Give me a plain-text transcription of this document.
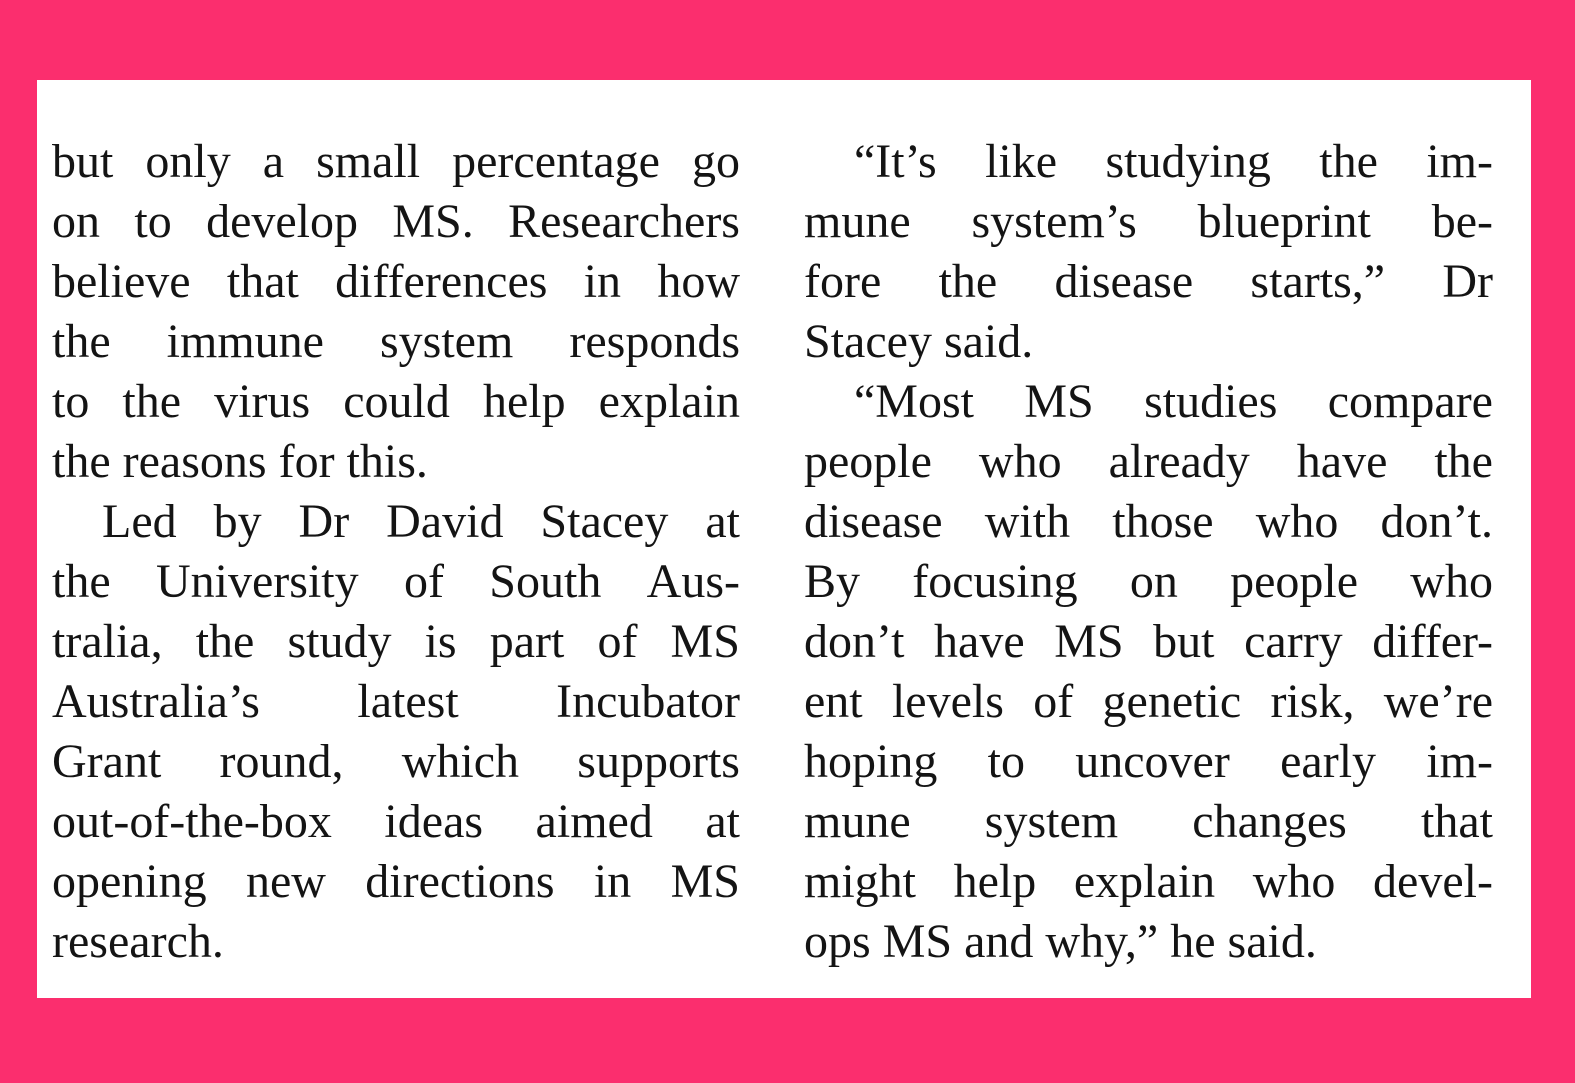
but only a small percentage go
on to develop MS. Researchers
believe that differences in how
the immune system responds
to the virus could help explain
the reasons for this.
Led by Dr David Stacey at
the University of South Aus-
tralia, the study is part of MS
Australia’s latest Incubator
Grant round, which supports
out-of-the-box ideas aimed at
opening new directions in MS
research.
“It’s like studying the im-
mune system’s blueprint be-
fore the disease starts,” Dr
Stacey said.
“Most MS studies compare
people who already have the
disease with those who don’t.
By focusing on people who
don’t have MS but carry differ-
ent levels of genetic risk, we’re
hoping to uncover early im-
mune system changes that
might help explain who devel-
ops MS and why,” he said.
